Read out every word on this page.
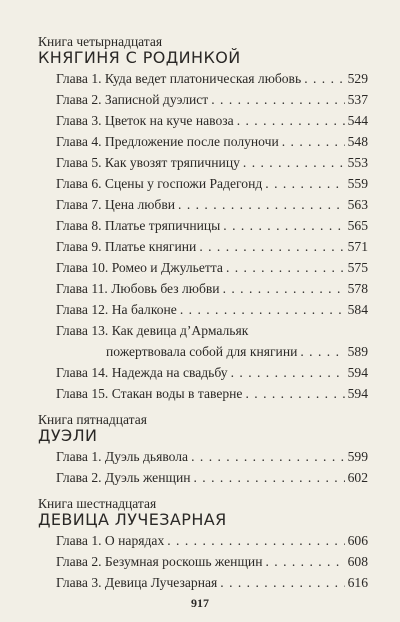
Книга четырнадцатая
КНЯГИНЯ С РОДИНКОЙ
Глава 1. Куда ведет платоническая любовь . . .	529
Глава 2. Записной дуэлист . . .	537
Глава 3. Цветок на куче навоза . . .	544
Глава 4. Предложение после полуночи . . .	548
Глава 5. Как увозят тряпичницу . . .	553
Глава 6. Сцены у госпожи Радегонд . . .	559
Глава 7. Цена любви . . .	563
Глава 8. Платье тряпичницы . . .	565
Глава 9. Платье княгини . . .	571
Глава 10. Ромео и Джульетта . . .	575
Глава 11. Любовь без любви . . .	578
Глава 12. На балконе . . .	584
Глава 13. Как девица д’Армальяк
пожертвовала собой для княгини . . .	589
Глава 14. Надежда на свадьбу . . .	594
Глава 15. Стакан воды в таверне . . .	594
Книга пятнадцатая
ДУЭЛИ
Глава 1. Дуэль дьявола . . .	599
Глава 2. Дуэль женщин . . .	602
Книга шестнадцатая
ДЕВИЦА ЛУЧЕЗАРНАЯ
Глава 1. О нарядах . . .	606
Глава 2. Безумная роскошь женщин . . .	608
Глава 3. Девица Лучезарная . . .	616
917
